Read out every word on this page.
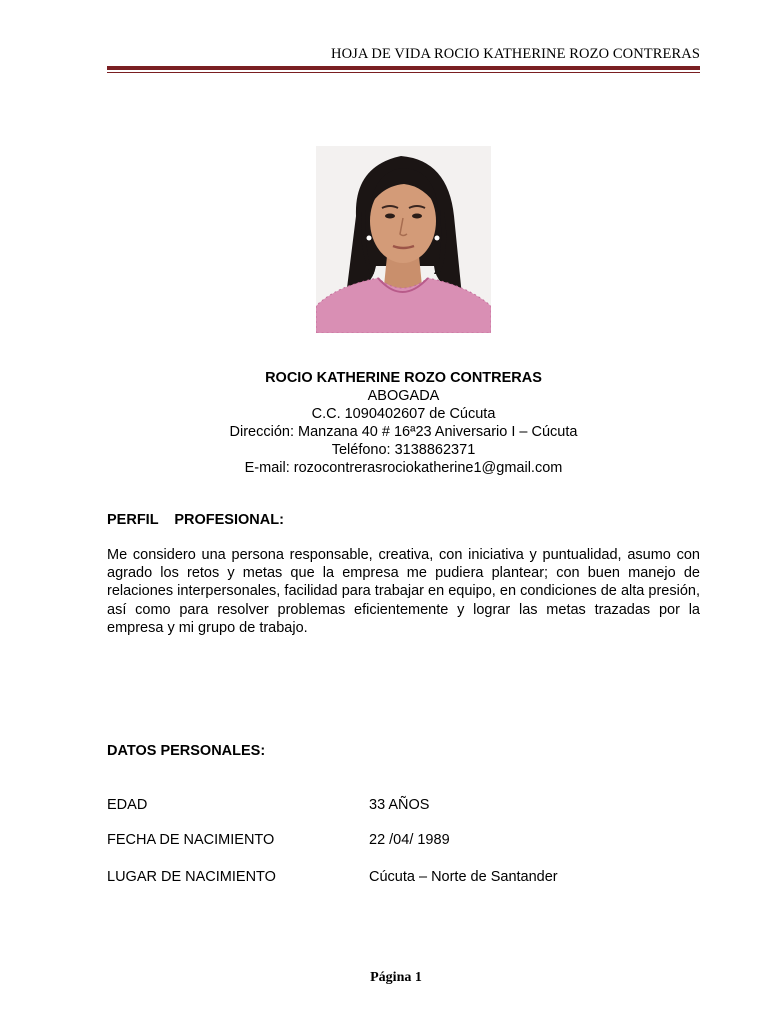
HOJA DE VIDA ROCIO KATHERINE ROZO CONTRERAS
ROCIO KATHERINE ROZO CONTRERAS
ABOGADA
C.C. 1090402607 de Cúcuta
Dirección: Manzana 40 # 16ª23 Aniversario I – Cúcuta
Teléfono: 3138862371
E-mail: rozocontrerasrociokatherine1@gmail.com
PERFIL  PROFESIONAL:
Me considero una persona responsable, creativa, con iniciativa y puntualidad, asumo con agrado los retos y metas que la empresa me pudiera plantear; con buen manejo de relaciones interpersonales, facilidad para trabajar en equipo, en condiciones de alta presión, así como para resolver problemas eficientemente y lograr las metas trazadas por la empresa y mi grupo de trabajo.
DATOS PERSONALES:
EDAD	33 AÑOS
FECHA DE NACIMIENTO	22 /04/ 1989
LUGAR DE NACIMIENTO	Cúcuta – Norte de Santander
Página 1
